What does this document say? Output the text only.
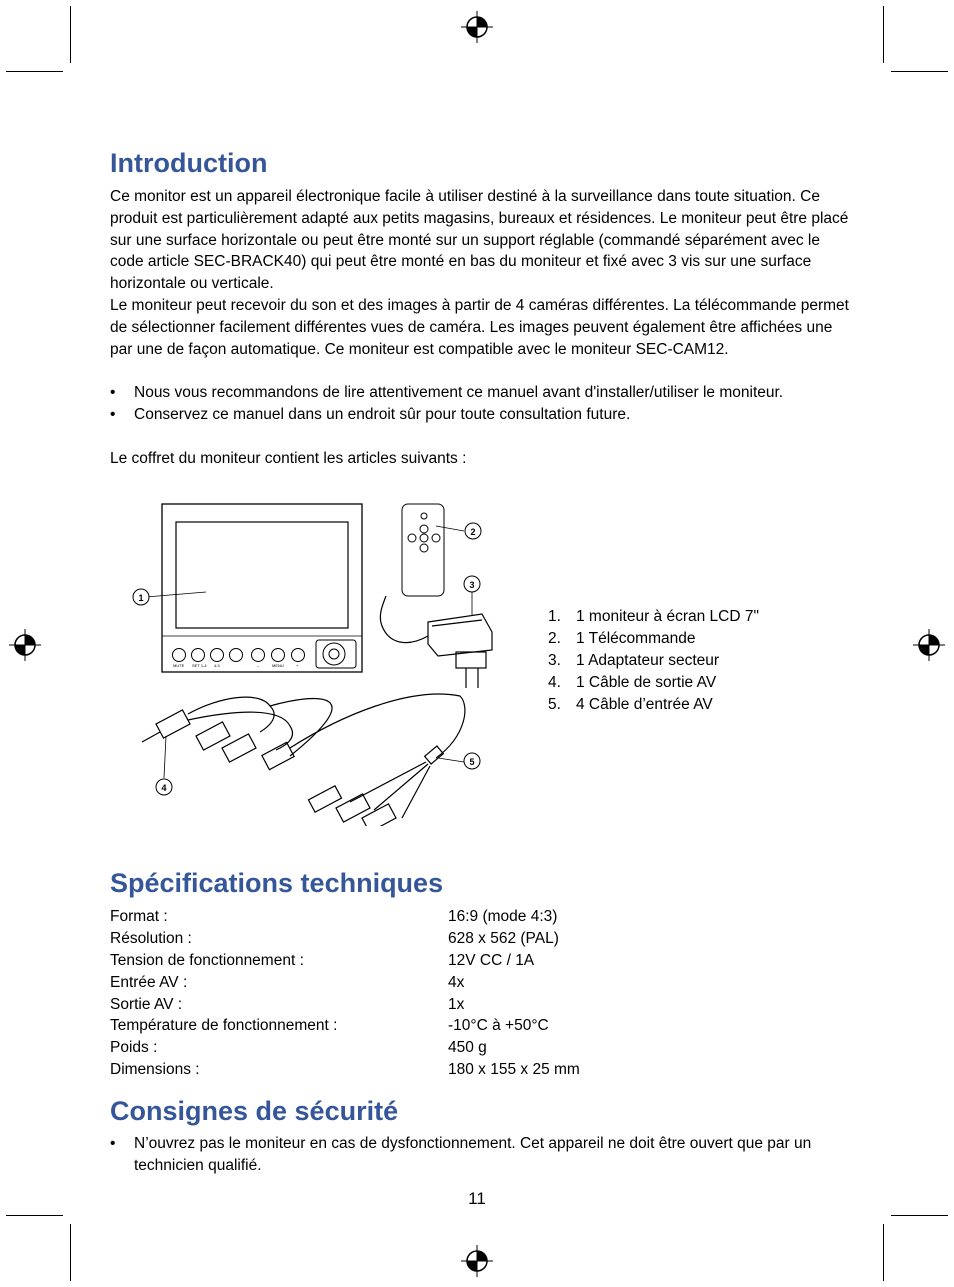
Introduction

Ce monitor est un appareil électronique facile à utiliser destiné à la surveillance dans toute situation. Ce produit est particulièrement adapté aux petits magasins, bureaux et résidences. Le moniteur peut être placé sur une surface horizontale ou peut être monté sur un support réglable (commandé séparément avec le code article SEC-BRACK40) qui peut être monté en bas du moniteur et fixé avec 3 vis sur une surface horizontale ou verticale.

Le moniteur peut recevoir du son et des images à partir de 4 caméras différentes. La télécommande permet de sélectionner facilement différentes vues de caméra. Les images peuvent également être affichées une par une de façon automatique. Ce moniteur est compatible avec le moniteur SEC-CAM12.

• Nous vous recommandons de lire attentivement ce manuel avant d'installer/utiliser le moniteur.
• Conservez ce manuel dans un endroit sûr pour toute consultation future.

Le coffret du moniteur contient les articles suivants :

MUTE SET 1-4 4:3	–	MENU	+
1
2
3
4
5
1. 1 moniteur à écran LCD 7"
2. 1 Télécommande
3. 1 Adaptateur secteur
4. 1 Câble de sortie AV
5. 4 Câble d’entrée AV
Spécifications techniques
Format :	16:9 (mode 4:3)
Résolution :	628 x 562 (PAL)
Tension de fonctionnement :	12V CC / 1A
Entrée AV :	4x
Sortie AV :	1x
Température de fonctionnement :	-10°C à +50°C
Poids :	450 g
Dimensions :	180 x 155 x 25 mm
Consignes de sécurité
• N’ouvrez pas le moniteur en cas de dysfonctionnement. Cet appareil ne doit être ouvert que par un technicien qualifié.
11
